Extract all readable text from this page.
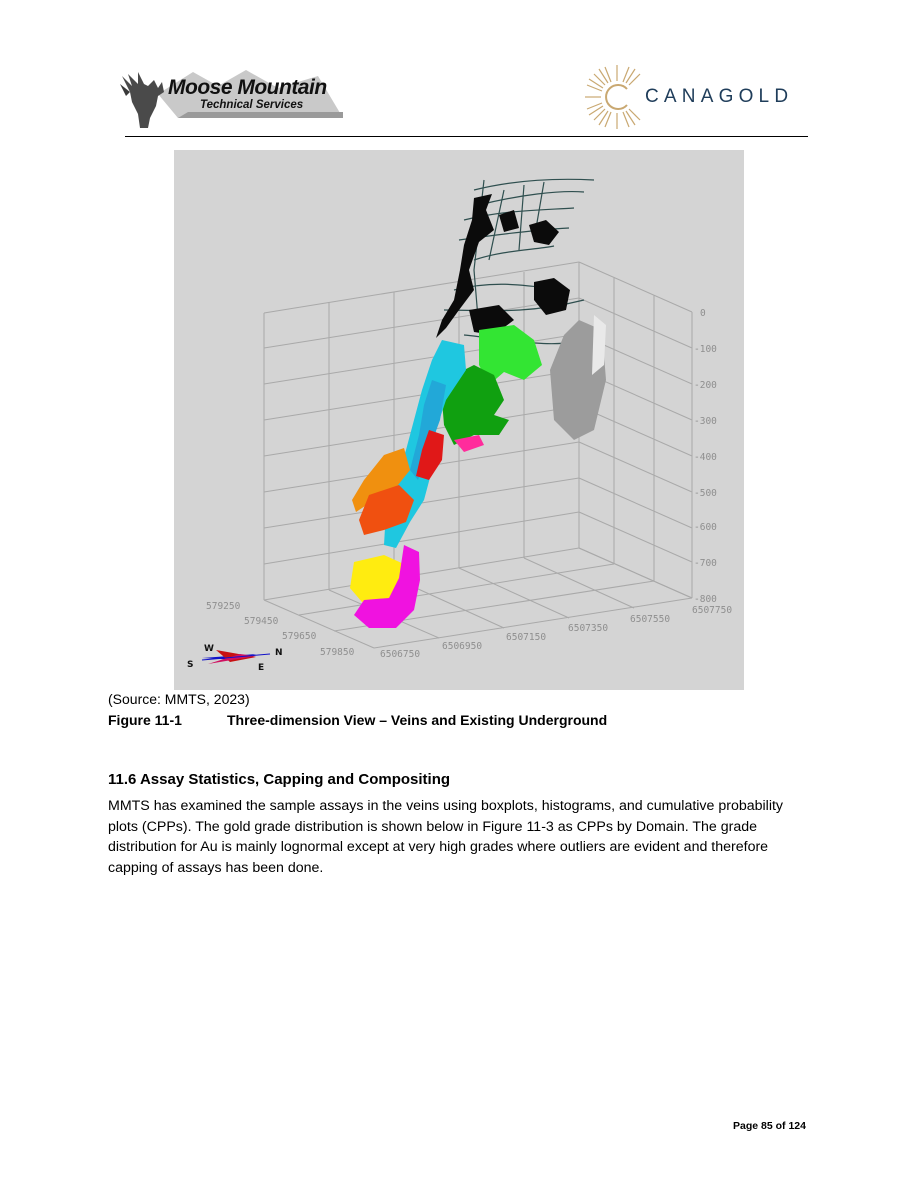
Moose Mountain
Technical Services	CANAGOLD
0
-100
-200
-300
-400
-500
-600
-700
-800
6507750
6507550
6507350
6507150
6506950
6506750
579250
579450
579650
579850
W	N
S	E
(Source: MMTS, 2023)
Figure 11-1	Three-dimension View – Veins and Existing Underground
11.6 Assay Statistics, Capping and Compositing

MMTS has examined the sample assays in the veins using boxplots, histograms, and cumulative probability plots (CPPs). The gold grade distribution is shown below in Figure 11-3 as CPPs by Domain. The grade distribution for Au is mainly lognormal except at very high grades where outliers are evident and therefore capping of assays has been done.

Page 85 of 124
